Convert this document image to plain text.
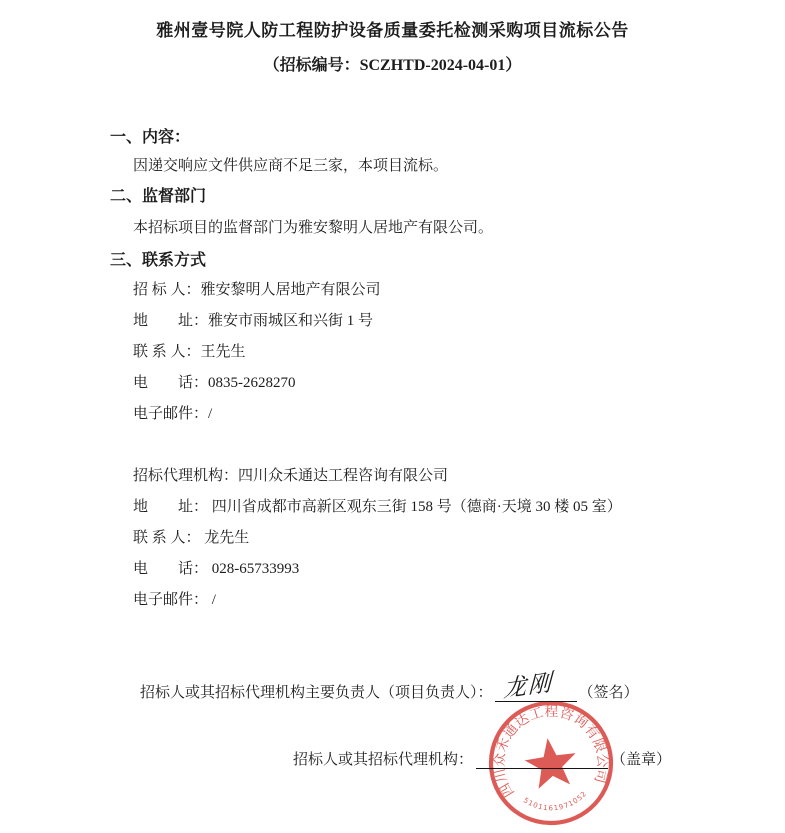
雅州壹号院人防工程防护设备质量委托检测采购项目流标公告
（招标编号：SCZHTD-2024-04-01）
一、内容：
因递交响应文件供应商不足三家，本项目流标。
二、监督部门
本招标项目的监督部门为雅安黎明人居地产有限公司。
三、联系方式
招 标 人：雅安黎明人居地产有限公司
地　　址：雅安市雨城区和兴街 1 号
联 系 人：王先生
电　　话：0835-2628270
电子邮件：/
招标代理机构：四川众禾通达工程咨询有限公司
地　　址： 四川省成都市高新区观东三街 158 号（德商·天境 30 楼 05 室）
联 系 人： 龙先生
电　　话： 028-65733993
电子邮件： /
招标人或其招标代理机构主要负责人（项目负责人）： 龙刚 （签名）
招标人或其招标代理机构：	（盖章）
四川众禾通达工程咨询有限公司
5101161971052
